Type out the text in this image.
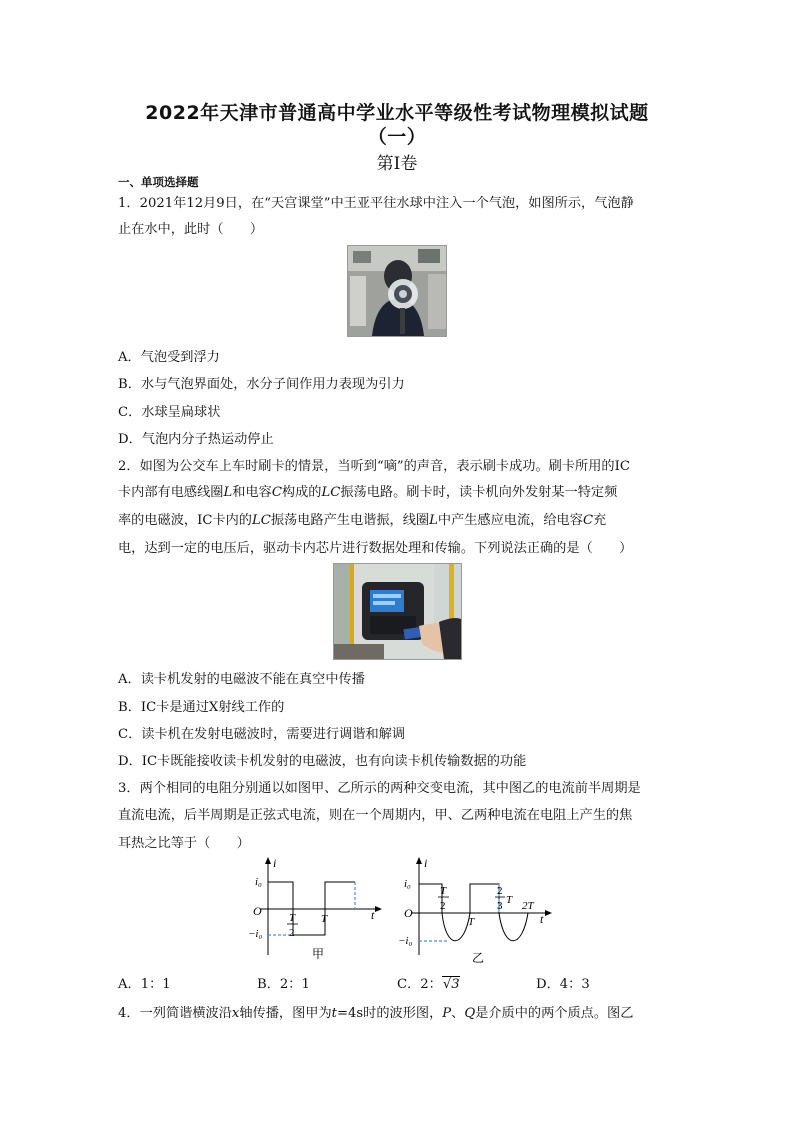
2022年天津市普通高中学业水平等级性考试物理模拟试题
（一）
第Ⅰ卷
一、单项选择题
1．2021年12月9日，在“天宫课堂”中王亚平往水球中注入一个气泡，如图所示，气泡静
止在水中，此时（　　）
A．气泡受到浮力
B．水与气泡界面处，水分子间作用力表现为引力
C．水球呈扁球状
D．气泡内分子热运动停止
2．如图为公交车上车时刷卡的情景，当听到“嘀”的声音，表示刷卡成功。刷卡所用的IC
卡内部有电感线圈L和电容C构成的LC振荡电路。刷卡时，读卡机向外发射某一特定频
率的电磁波，IC卡内的LC振荡电路产生电谐振，线圈L中产生感应电流，给电容C充
电，达到一定的电压后，驱动卡内芯片进行数据处理和传输。下列说法正确的是（　　）
A．读卡机发射的电磁波不能在真空中传播
B．IC卡是通过X射线工作的
C．读卡机在发射电磁波时，需要进行调谐和解调
D．IC卡既能接收读卡机发射的电磁波，也有向读卡机传输数据的功能
3．两个相同的电阻分别通以如图甲、乙所示的两种交变电流，其中图乙的电流前半周期是
直流电流，后半周期是正弦式电流，则在一个周期内，甲、乙两种电流在电阻上产生的焦
耳热之比等于（　　）
i
i₀
−i₀
O T
2
T	t
甲
i
i₀
−i₀
O
T
2
T
2
3 T 2T
t
乙
A．1：1	B．2：1	C．2：√3	D．4：3
4．一列简谐横波沿x轴传播，图甲为t=4s时的波形图，P、Q是介质中的两个质点。图乙
